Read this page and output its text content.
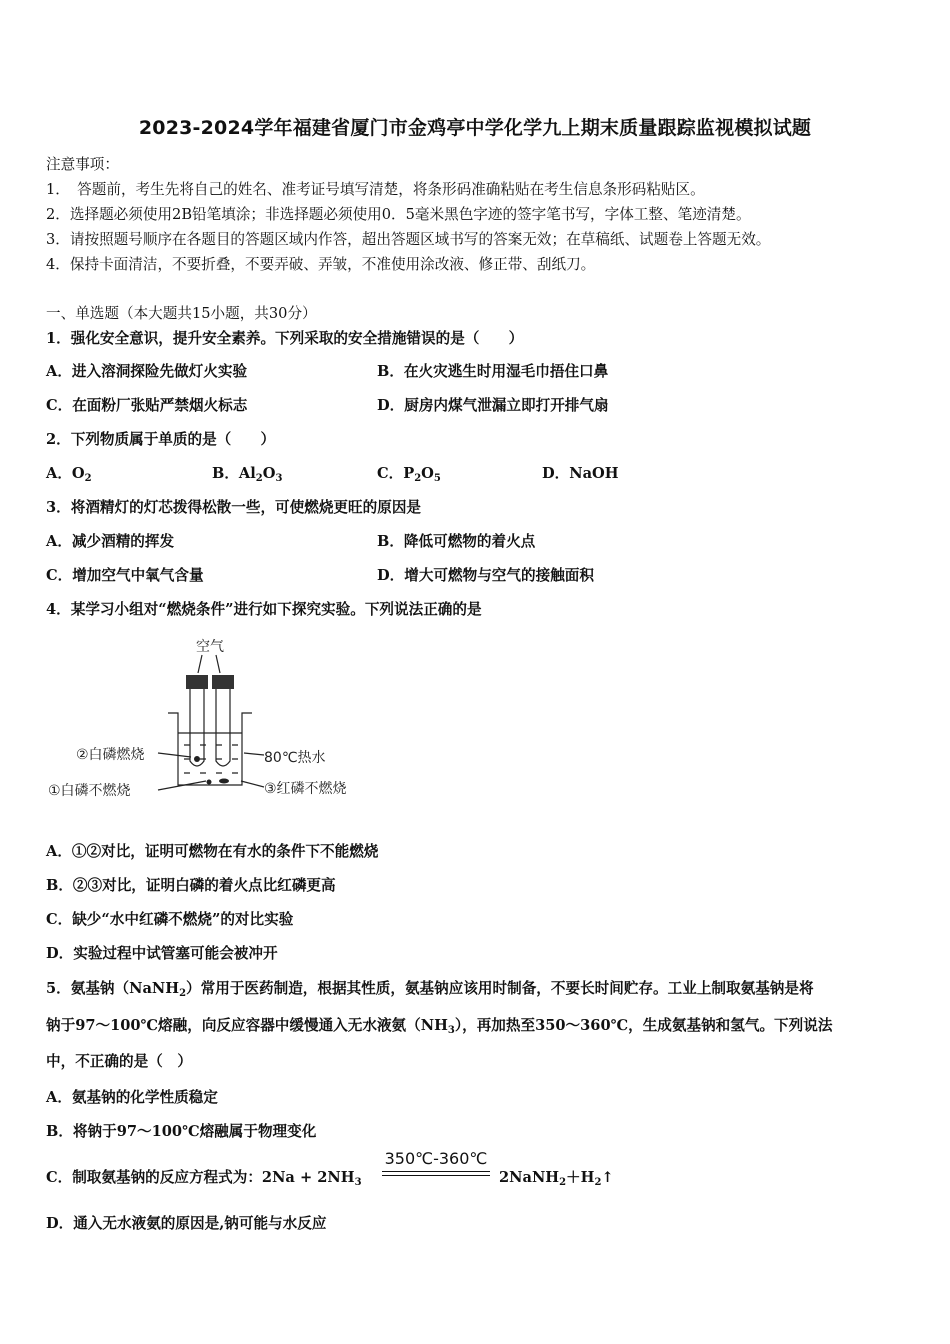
2023-2024学年福建省厦门市金鸡亭中学化学九上期末质量跟踪监视模拟试题
注意事项：
1．　答题前，考生先将自己的姓名、准考证号填写清楚，将条形码准确粘贴在考生信息条形码粘贴区。
2．选择题必须使用2B铅笔填涂；非选择题必须使用0．5毫米黑色字迹的签字笔书写，字体工整、笔迹清楚。
3．请按照题号顺序在各题目的答题区域内作答，超出答题区域书写的答案无效；在草稿纸、试题卷上答题无效。
4．保持卡面清洁，不要折叠，不要弄破、弄皱，不准使用涂改液、修正带、刮纸刀。
一、单选题（本大题共15小题，共30分）
1．强化安全意识，提升安全素养。下列采取的安全措施错误的是（　　）
A．进入溶洞探险先做灯火实验	B．在火灾逃生时用湿毛巾捂住口鼻
C．在面粉厂张贴严禁烟火标志	D．厨房内煤气泄漏立即打开排气扇
2．下列物质属于单质的是（　　）
A．$O_2$	B．$Al_2O_3$	C．$P_2O_5$	D．NaOH
3．将酒精灯的灯芯拨得松散一些，可使燃烧更旺的原因是
A．减少酒精的挥发	B．降低可燃物的着火点
C．增加空气中氧气含量	D．增大可燃物与空气的接触面积
4．某学习小组对“燃烧条件”进行如下探究实验。下列说法正确的是
空气
②白磷燃烧	80℃热水
①白磷不燃烧	③红磷不燃烧
A．①②对比，证明可燃物在有水的条件下不能燃烧
B．②③对比，证明白磷的着火点比红磷更高
C．缺少“水中红磷不燃烧”的对比实验
D．实验过程中试管塞可能会被冲开
5．氨基钠（NaNH$_2$）常用于医药制造，根据其性质，氨基钠应该用时制备，不要长时间贮存。工业上制取氨基钠是将
钠于97～100℃熔融，向反应容器中缓慢通入无水液氨$(NH_3)$，再加热至350～360℃，生成氨基钠和氢气。下列说法
中，不正确的是（　）
A．氨基钠的化学性质稳定
B．将钠于97～100℃熔融属于物理变化
C．制取氨基钠的反应方程式为：$2Na + 2NH_3$
350℃-360℃
$2NaNH_2+H_2↑$
D．通入无水液氨的原因是,钠可能与水反应
